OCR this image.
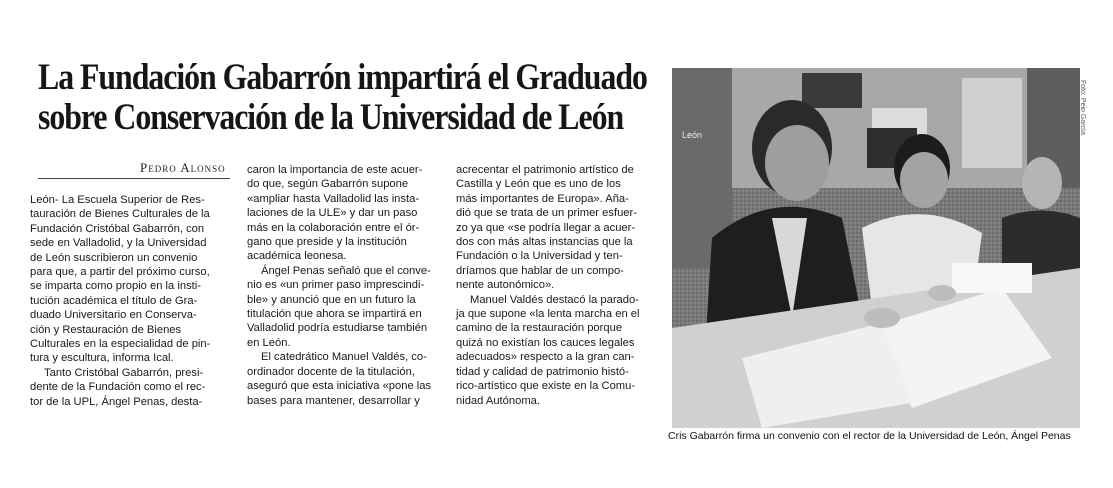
La Fundación Gabarrón impartirá el Graduado
sobre Conservación de la Universidad de León
Pedro Alonso
León- La Escuela Superior de Res-
tauración de Bienes Culturales de la
Fundación Cristóbal Gabarrón, con
sede en Valladolid, y la Universidad
de León suscribieron un convenio
para que, a partir del próximo curso,
se imparta como propio en la insti-
tución académica el título de Gra-
duado Universitario en Conserva-
ción y Restauración de Bienes
Culturales en la especialidad de pin-
tura y escultura, informa Ical.
Tanto Cristóbal Gabarrón, presi-
dente de la Fundación como el rec-
tor de la UPL, Ángel Penas, desta-
caron la importancia de este acuer-
do que, según Gabarrón supone
«ampliar hasta Valladolid las insta-
laciones de la ULE» y dar un paso
más en la colaboración entre el ór-
gano que preside y la institución
académica leonesa.
Ángel Penas señaló que el conve-
nio es «un primer paso imprescindi-
ble» y anunció que en un futuro la
titulación que ahora se impartirá en
Valladolid podría estudiarse también
en León.
El catedrático Manuel Valdés, co-
ordinador docente de la titulación,
aseguró que esta iniciativa «pone las
bases para mantener, desarrollar y
acrecentar el patrimonio artístico de
Castilla y León que es uno de los
más importantes de Europa». Aña-
dió que se trata de un primer esfuer-
zo ya que «se podría llegar a acuer-
dos con más altas instancias que la
Fundación o la Universidad y ten-
dríamos que hablar de un compo-
nente autonómico».
Manuel Valdés destacó la parado-
ja que supone «la lenta marcha en el
camino de la restauración porque
quizá no existían los cauces legales
adecuados» respecto a la gran can-
tidad y calidad de patrimonio histó-
rico-artístico que existe en la Comu-
nidad Autónoma.
León
Foto: Peio García
Cris Gabarrón firma un convenio con el rector de la Universidad de León, Ángel Penas
